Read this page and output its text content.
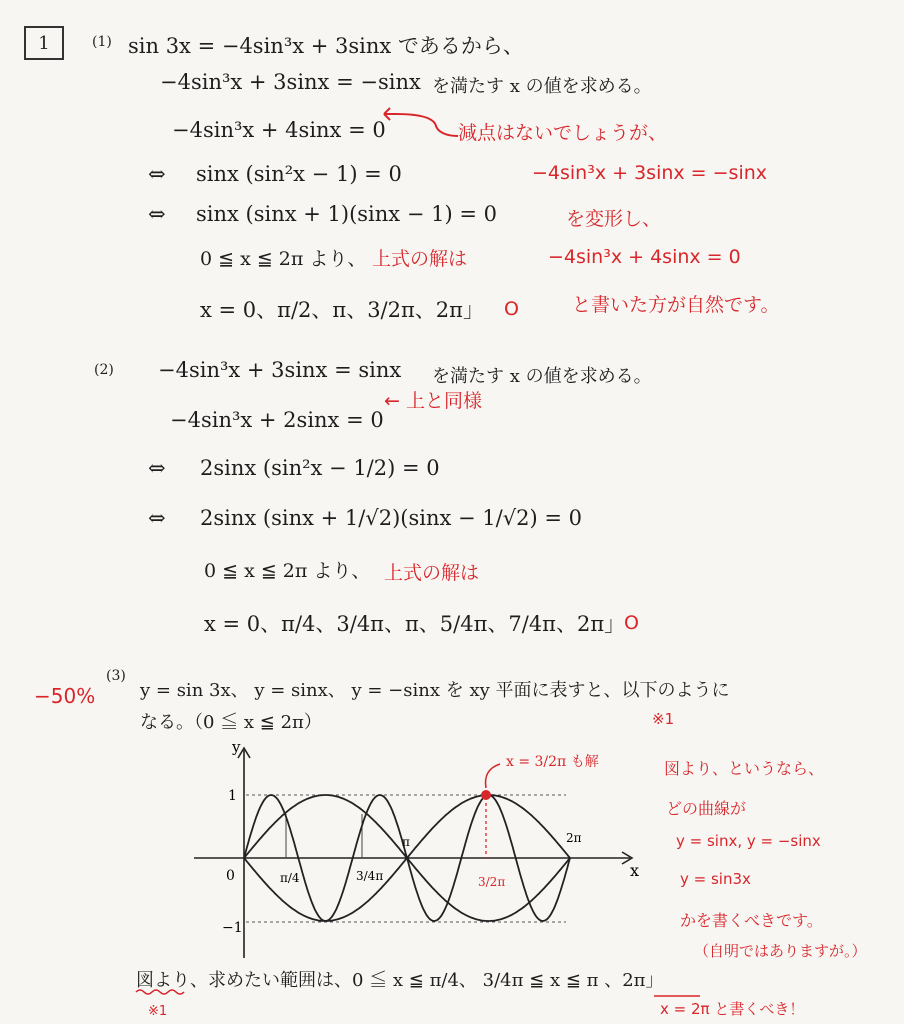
1	(1) sin 3x = −4sin³x + 3sinx であるから、
−4sin³x + 3sinx = −sinx を満たす x の値を求める。
−4sin³x + 4sinx = 0
⇔ sinx (sin²x − 1) = 0
⇔ sinx (sinx + 1)(sinx − 1) = 0
0 ≦ x ≦ 2π より、 上式の解は
x = 0、π/2、π、3/2π、2π」 O
減点はないでしょうが、
−4sin³x + 3sinx = −sinx
を変形し、
−4sin³x + 4sinx = 0
と書いた方が自然です。
(2) −4sin³x + 3sinx = sinx を満たす x の値を求める。
← 上と同様
−4sin³x + 2sinx = 0
⇔ 2sinx (sin²x − 1/2) = 0
⇔ 2sinx (sinx + 1/√2)(sinx − 1/√2) = 0
0 ≦ x ≦ 2π より、 上式の解は
x = 0、π/4、3/4π、π、5/4π、7/4π、2π」
O
−50%
(3)
y = sin 3x、 y = sinx、 y = −sinx を xy 平面に表すと、以下のように
なる。（0 ≦ x ≦ 2π）	※1
図より、というなら、
どの曲線が
y = sinx, y = −sinx
y = sin3x
かを書くべきです。
（自明ではありますが。）
y
x
0
1
−1
π/4	3/4π
π
3/2π
2π
x = 3/2π も解
図より、求めたい範囲は、0 ≦ x ≦ π/4、 3/4π ≦ x ≦ π 、2π」
x = 2π と書くべき！
※1
